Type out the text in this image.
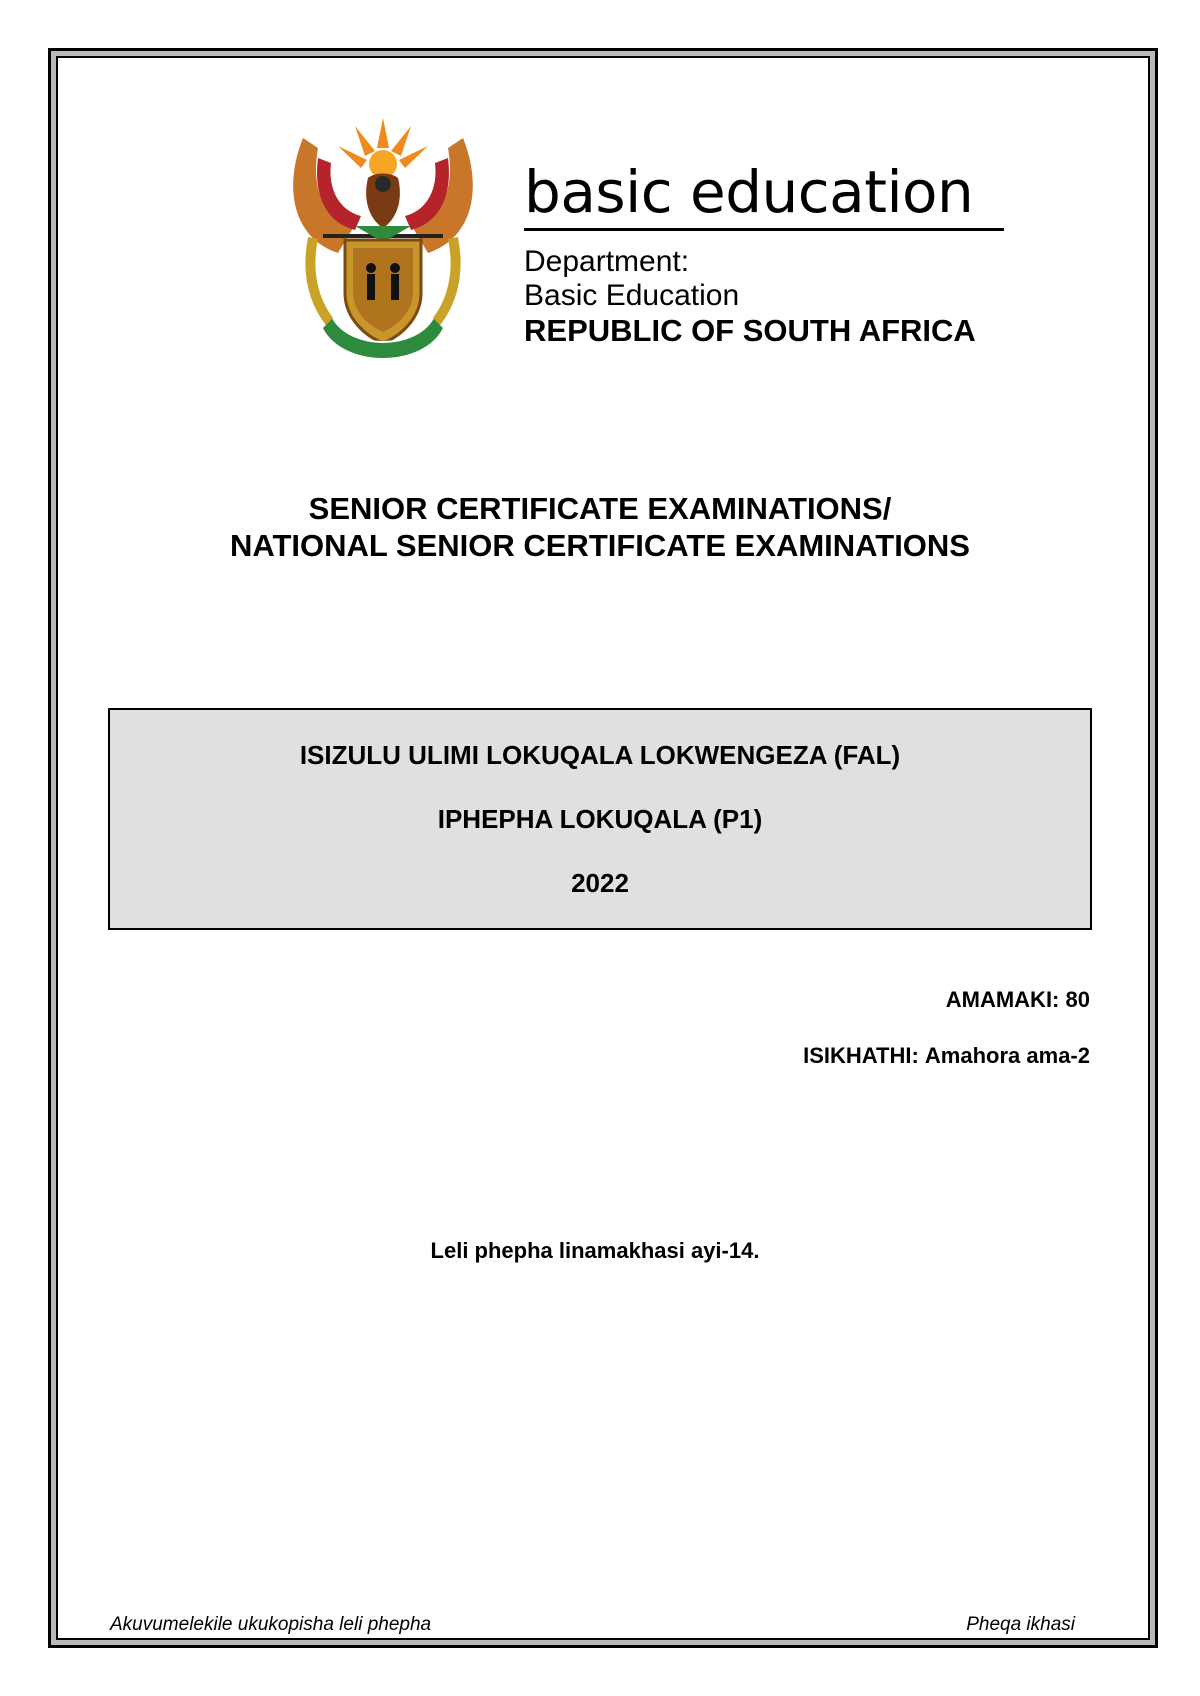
basic education
Department:
Basic Education
REPUBLIC OF SOUTH AFRICA
SENIOR CERTIFICATE EXAMINATIONS/
NATIONAL SENIOR CERTIFICATE EXAMINATIONS
ISIZULU ULIMI LOKUQALA LOKWENGEZA (FAL)
IPHEPHA LOKUQALA (P1)
2022
AMAMAKI: 80
ISIKHATHI: Amahora ama-2
Leli phepha linamakhasi ayi-14.
Akuvumelekile ukukopisha leli phepha	Pheqa ikhasi
